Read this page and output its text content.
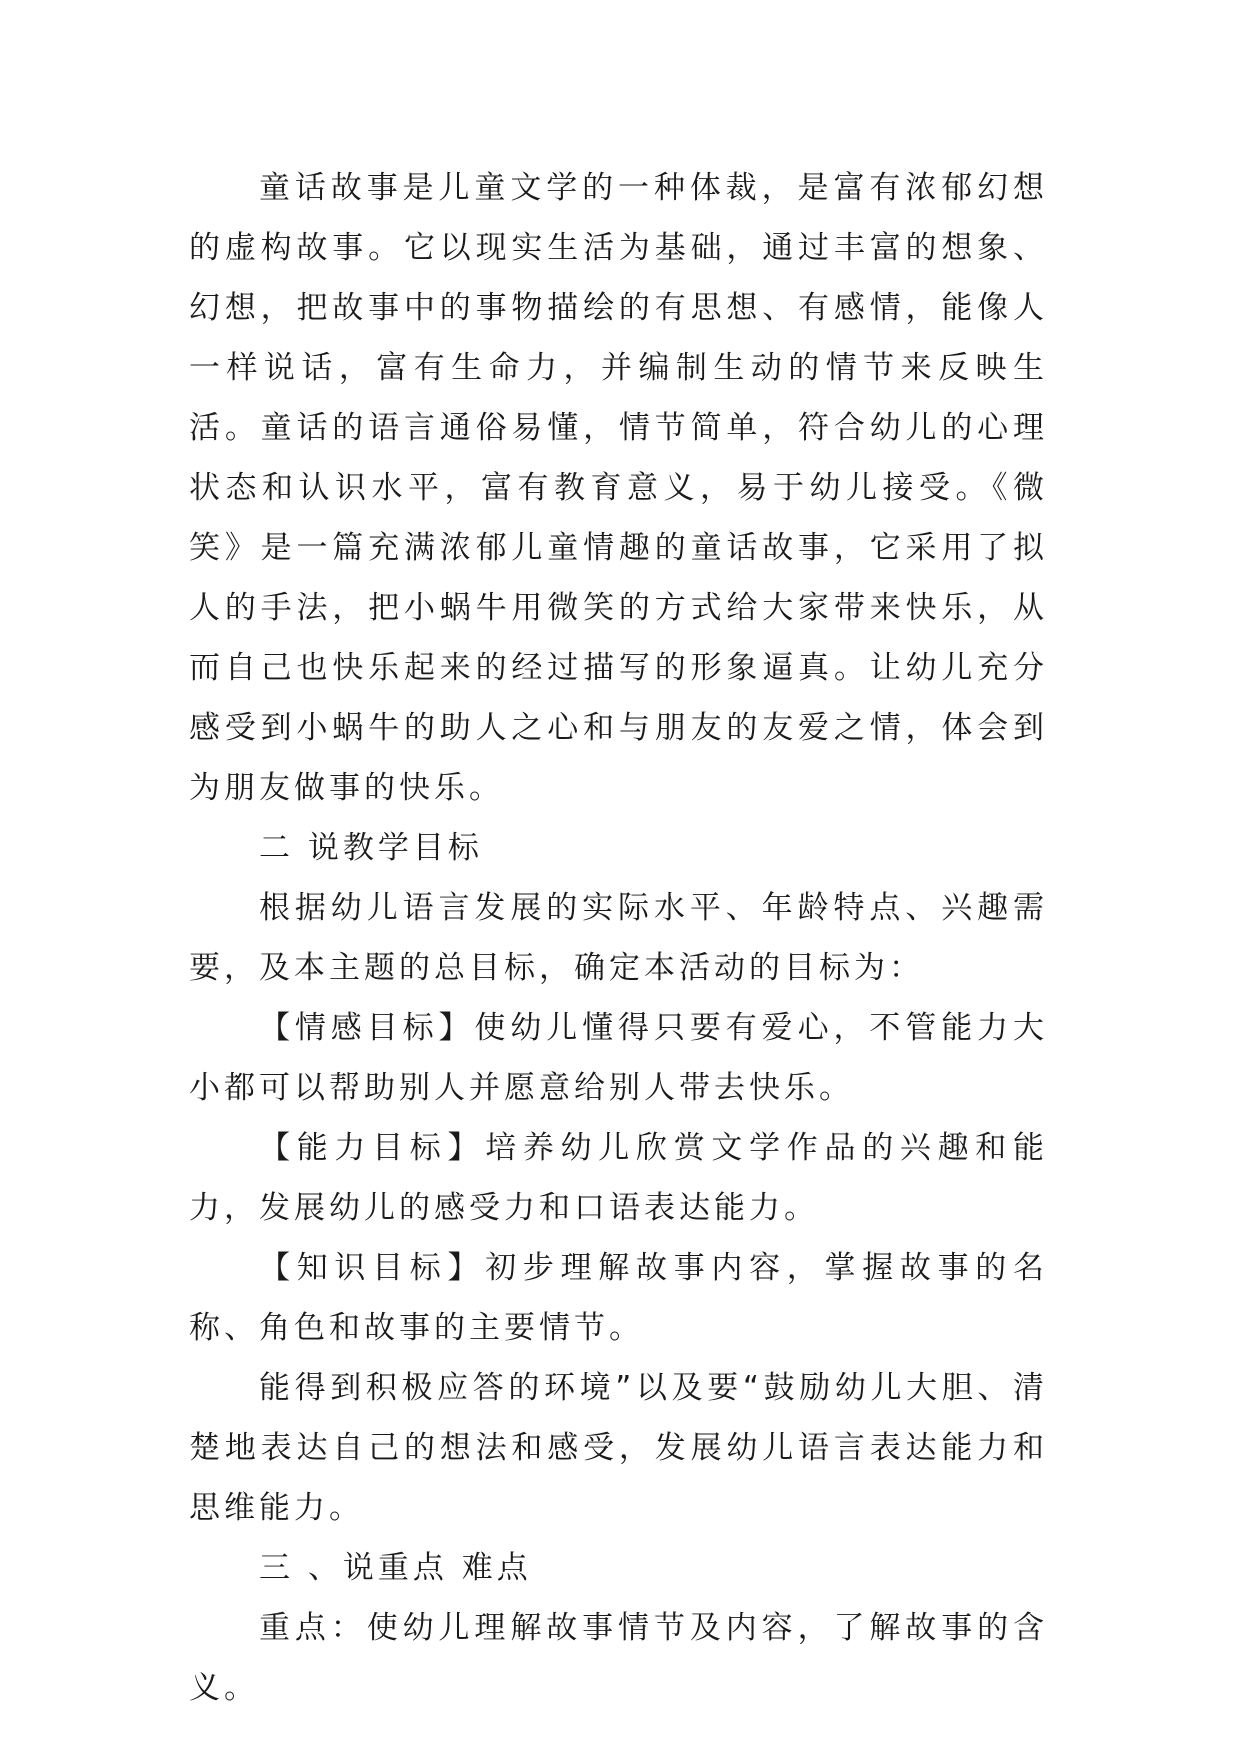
童话故事是儿童文学的一种体裁，是富有浓郁幻想的虚构故事。它以现实生活为基础，通过丰富的想象、幻想，把故事中的事物描绘的有思想、有感情，能像人一样说话，富有生命力，并编制生动的情节来反映生活。童话的语言通俗易懂，情节简单，符合幼儿的心理状态和认识水平，富有教育意义，易于幼儿接受。《微笑》是一篇充满浓郁儿童情趣的童话故事，它采用了拟人的手法，把小蜗牛用微笑的方式给大家带来快乐，从而自己也快乐起来的经过描写的形象逼真。让幼儿充分感受到小蜗牛的助人之心和与朋友的友爱之情，体会到为朋友做事的快乐。

二 说教学目标

根据幼儿语言发展的实际水平、年龄特点、兴趣需要，及本主题的总目标，确定本活动的目标为：

【情感目标】使幼儿懂得只要有爱心，不管能力大小都可以帮助别人并愿意给别人带去快乐。

【能力目标】培养幼儿欣赏文学作品的兴趣和能力，发展幼儿的感受力和口语表达能力。

【知识目标】初步理解故事内容，掌握故事的名称、角色和故事的主要情节。

能得到积极应答的环境”以及要“鼓励幼儿大胆、清楚地表达自己的想法和感受，发展幼儿语言表达能力和思维能力。

三 、说重点 难点

重点：使幼儿理解故事情节及内容，了解故事的含义。
